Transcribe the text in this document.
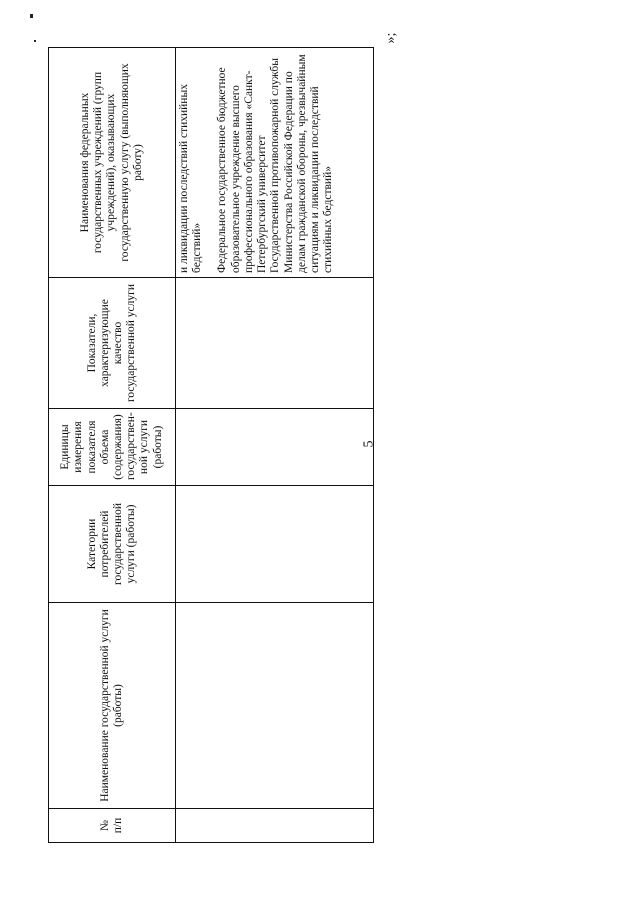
5
»;
№ п/п	Наименование государственной услуги (работы)	Категории потребителей государственной услуги (работы)	Единицы измерения показателя объема (содержания) государствен-ной услуги (работы)	Показатели, характеризующие качество государственной услуги	Наименования федеральных государственных учреждений (групп учреждений), оказывающих государственную услугу (выполняющих работу)

					и ликвидации последствий стихийных бедствий» Федеральное государственное бюджетное образовательное учреждение высшего профессионального образования «Санкт-Петербургский университет Государственной противопожарной службы Министерства Российской Федерации по делам гражданской обороны, чрезвычайным ситуациям и ликвидации последствий стихийных бедствий»
